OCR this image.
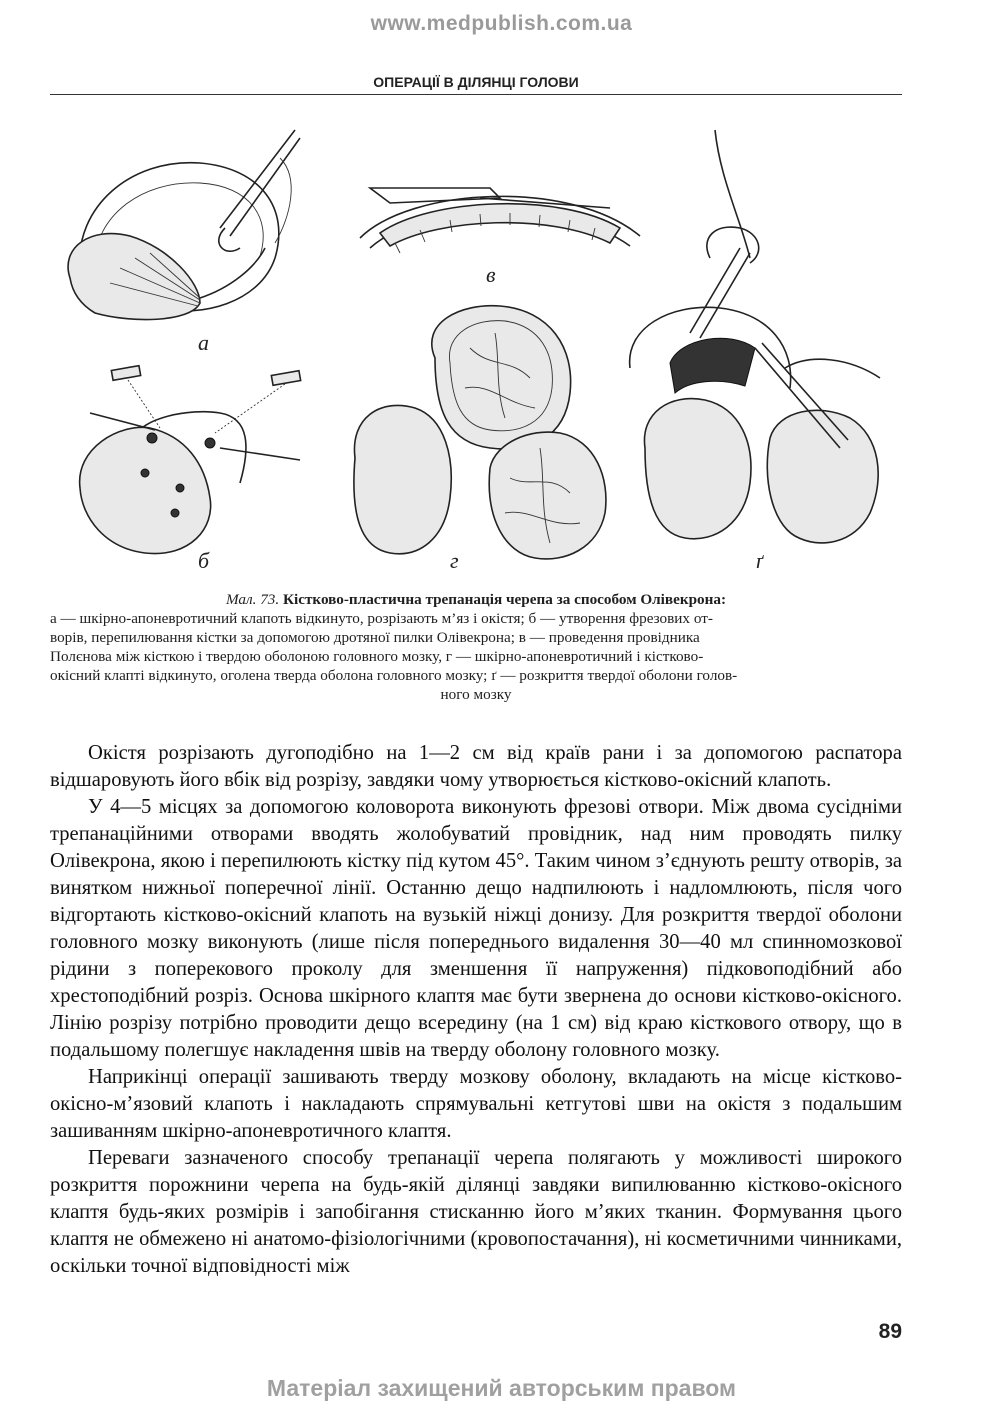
www.medpublish.com.ua
ОПЕРАЦІЇ В ДІЛЯНЦІ ГОЛОВИ
а
б
в
г	ґ
Мал. 73. Кістково-пластична трепанація черепа за способом Олівекрона:
а — шкірно-апоневротичний клапоть відкинуто, розрізають м’яз і окістя; б — утворення фрезових от-
ворів, перепилювання кістки за допомогою дротяної пилки Олівекрона; в — проведення провідника
Полєнова між кісткою і твердою оболоною головного мозку, г — шкірно-апоневротичний і кістково-
окісний клапті відкинуто, оголена тверда оболона головного мозку; ґ — розкриття твердої оболони голов-
ного мозку

Окістя розрізають дугоподібно на 1—2 см від країв рани і за допомогою распатора відшаровують його вбік від розрізу, завдяки чому утворюється кістково-окісний клапоть.

У 4—5 місцях за допомогою коловорота виконують фрезові отвори. Між двома сусідніми трепанаційними отворами вводять жолобуватий провідник, над ним проводять пилку Олівекрона, якою і перепилюють кістку під кутом 45°. Таким чином з’єднують решту отворів, за винятком нижньої поперечної лінії. Останню дещо надпилюють і надломлюють, після чого відгортають кістково-окісний клапоть на вузькій ніжці донизу. Для розкриття твердої оболони головного мозку виконують (лише після попереднього видалення 30—40 мл спинномозкової рідини з поперекового проколу для зменшення її напруження) підковоподібний або хрестоподібний розріз. Основа шкірного клаптя має бути звернена до основи кістково-окісного. Лінію розрізу потрібно проводити дещо всередину (на 1 см) від краю кісткового отвору, що в подальшому полегшує накладення швів на тверду оболону головного мозку.

Наприкінці операції зашивають тверду мозкову оболону, вкладають на місце кістково-окісно-м’язовий клапоть і накладають спрямувальні кетгутові шви на окістя з подальшим зашиванням шкірно-апоневротичного клаптя.

Переваги зазначеного способу трепанації черепа полягають у можливості широкого розкриття порожнини черепа на будь-якій ділянці завдяки випилюванню кістково-окісного клаптя будь-яких розмірів і запобігання стисканню його м’яких тканин. Формування цього клаптя не обмежено ні анатомо-фізіологічними (кровопостачання), ні косметичними чинниками, оскільки точної відповідності між

89
Матеріал захищений авторським правом
